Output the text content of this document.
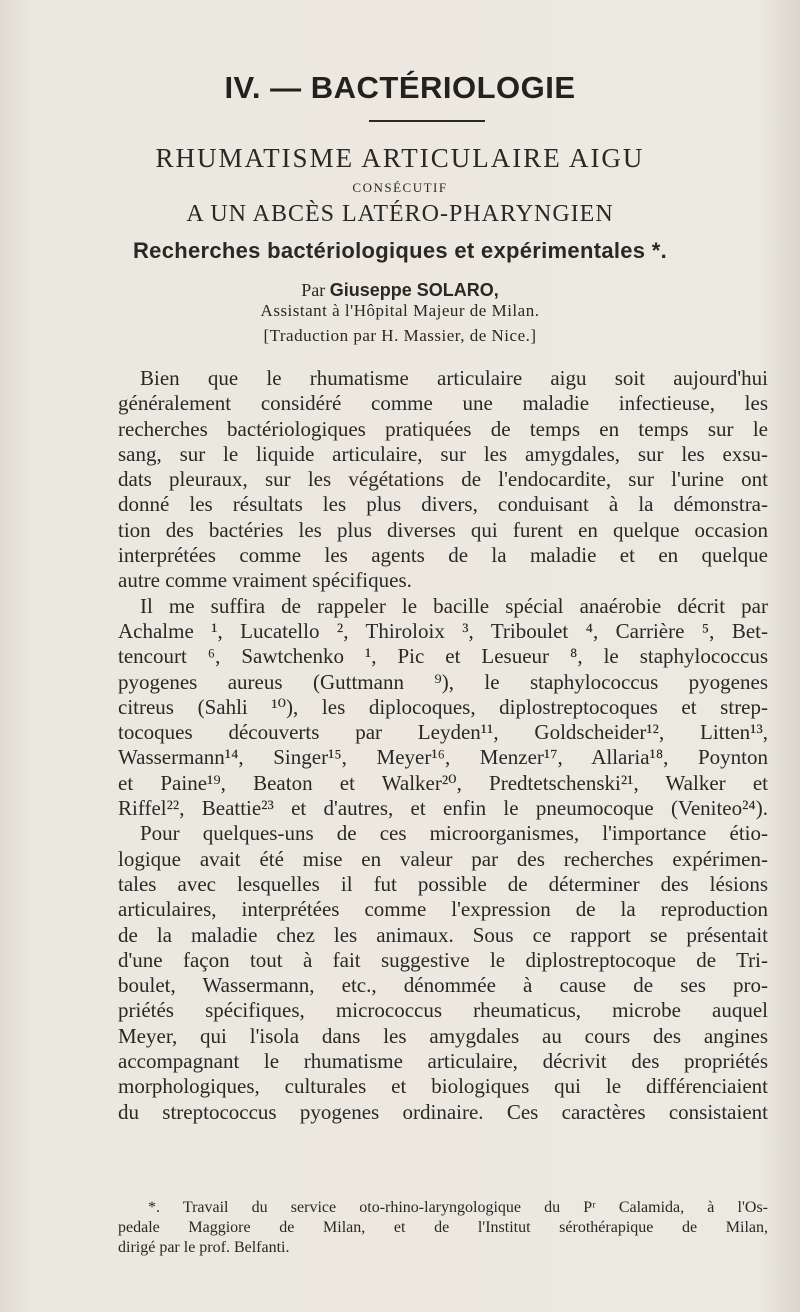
IV. — BACTÉRIOLOGIE
RHUMATISME ARTICULAIRE AIGU
CONSÉCUTIF
A UN ABCÈS LATÉRO-PHARYNGIEN
Recherches bactériologiques et expérimentales *.
Par Giuseppe SOLARO,
Assistant à l'Hôpital Majeur de Milan.
[Traduction par H. Massier, de Nice.]
Bien que le rhumatisme articulaire aigu soit aujourd'hui
généralement considéré comme une maladie infectieuse, les
recherches bactériologiques pratiquées de temps en temps sur le
sang, sur le liquide articulaire, sur les amygdales, sur les exsu-
dats pleuraux, sur les végétations de l'endocardite, sur l'urine ont
donné les résultats les plus divers, conduisant à la démonstra-
tion des bactéries les plus diverses qui furent en quelque occasion
interprétées comme les agents de la maladie et en quelque
autre comme vraiment spécifiques.
Il me suffira de rappeler le bacille spécial anaérobie décrit par
Achalme ¹, Lucatello ², Thiroloix ³, Triboulet ⁴, Carrière ⁵, Bet-
tencourt ⁶, Sawtchenko ¹, Pic et Lesueur ⁸, le staphylococcus
pyogenes aureus (Guttmann ⁹), le staphylococcus pyogenes
citreus (Sahli ¹⁰), les diplocoques, diplostreptocoques et strep-
tocoques découverts par Leyden¹¹, Goldscheider¹², Litten¹³,
Wassermann¹⁴, Singer¹⁵, Meyer¹⁶, Menzer¹⁷, Allaria¹⁸, Poynton
et Paine¹⁹, Beaton et Walker²⁰, Predtetschenski²¹, Walker et
Riffel²², Beattie²³ et d'autres, et enfin le pneumocoque (Veniteo²⁴).
Pour quelques-uns de ces microorganismes, l'importance étio-
logique avait été mise en valeur par des recherches expérimen-
tales avec lesquelles il fut possible de déterminer des lésions
articulaires, interprétées comme l'expression de la reproduction
de la maladie chez les animaux. Sous ce rapport se présentait
d'une façon tout à fait suggestive le diplostreptocoque de Tri-
boulet, Wassermann, etc., dénommée à cause de ses pro-
priétés spécifiques, micrococcus rheumaticus, microbe auquel
Meyer, qui l'isola dans les amygdales au cours des angines
accompagnant le rhumatisme articulaire, décrivit des propriétés
morphologiques, culturales et biologiques qui le différenciaient
du streptococcus pyogenes ordinaire. Ces caractères consistaient
*. Travail du service oto-rhino-laryngologique du Pʳ Calamida, à l'Os-
pedale Maggiore de Milan, et de l'Institut sérothérapique de Milan,
dirigé par le prof. Belfanti.
